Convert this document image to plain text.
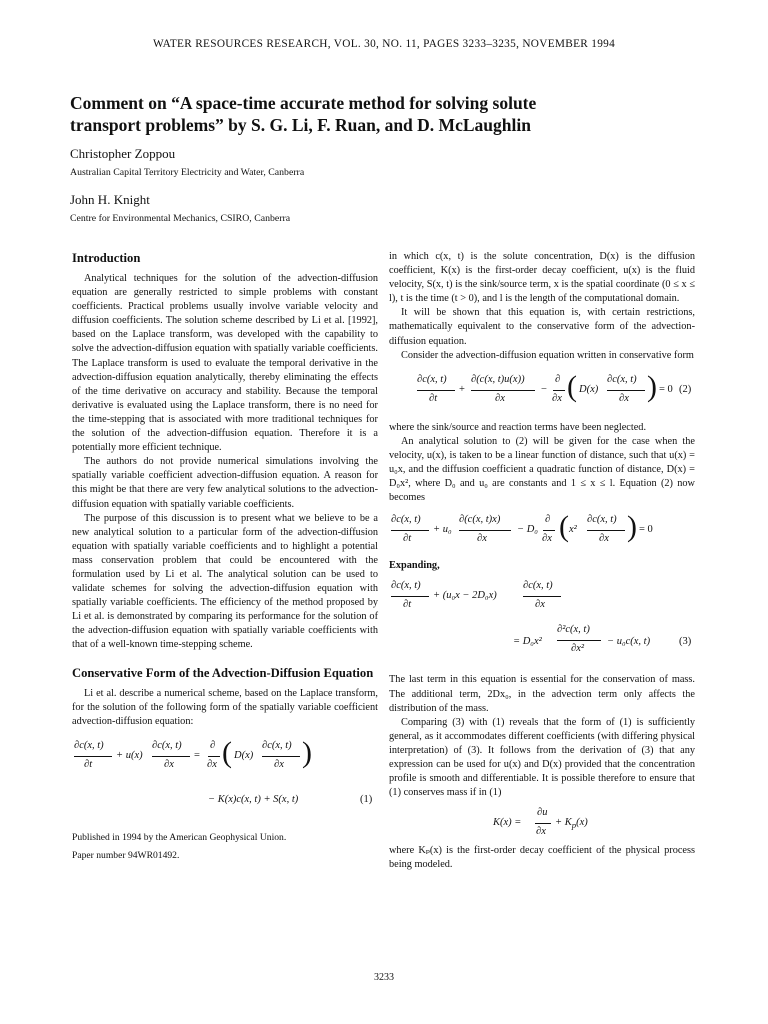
WATER RESOURCES RESEARCH, VOL. 30, NO. 11, PAGES 3233–3235, NOVEMBER 1994
Comment on “A space-time accurate method for solving solute
transport problems” by S. G. Li, F. Ruan, and D. McLaughlin
Christopher Zoppou
Australian Capital Territory Electricity and Water, Canberra
John H. Knight
Centre for Environmental Mechanics, CSIRO, Canberra
Introduction

Analytical techniques for the solution of the advection-diffusion equation are generally restricted to simple problems with constant coefficients. Practical problems usually involve variable velocity and diffusion coefficients. The solution scheme described by Li et al. [1992], based on the Laplace transform, was developed with the capability to solve the advection-diffusion equation with spatially variable coefficients. The Laplace transform is used to evaluate the temporal derivative in the advection-diffusion equation analytically, thereby eliminating the effects of the time derivative on accuracy and stability. Because the temporal derivative is evaluated using the Laplace transform, there is no need for the time-stepping that is associated with more traditional techniques for the solution of the advection-diffusion equation. Therefore it is a potentially more efficient technique.

The authors do not provide numerical simulations involving the spatially variable coefficient advection-diffusion equation. A reason for this might be that there are very few analytical solutions to the advection-diffusion equation with spatially variable coefficients.

The purpose of this discussion is to present what we believe to be a new analytical solution to a particular form of the advection-diffusion equation with spatially variable coefficients and to highlight a potential mass conservation problem that could be encountered with the formulation used by Li et al. The analytical solution can be used to validate schemes for solving the advection-diffusion equation with spatially variable coefficients. The efficiency of the method proposed by Li et al. is demonstrated by comparing its performance for the solution of the advection-diffusion equation with spatially variable coefficients with that of a well-known time-stepping scheme.

Conservative Form of the Advection-Diffusion Equation

Li et al. describe a numerical scheme, based on the Laplace transform, for the solution of the following form of the spatially variable coefficient advection-diffusion equation:

∂c(x, t)
∂t
+ u(x)
∂c(x, t)
∂x
=
∂
∂x ( D(x)
∂c(x, t)
∂x )
− K(x)c(x, t) + S(x, t)	(1)
Published in 1994 by the American Geophysical Union.
Paper number 94WR01492.

in which c(x, t) is the solute concentration, D(x) is the diffusion coefficient, K(x) is the first-order decay coefficient, u(x) is the fluid velocity, S(x, t) is the sink/source term, x is the spatial coordinate (0 ≤ x ≤ l), t is the time (t > 0), and l is the length of the computational domain.

It will be shown that this equation is, with certain restrictions, mathematically equivalent to the conservative form of the advection-diffusion equation.

Consider the advection-diffusion equation written in conservative form

∂c(x, t)
∂t
+
∂(c(x, t)u(x))
∂x
−
∂
∂x ( D(x)
∂c(x, t)
∂x ) = 0 (2)

where the sink/source and reaction terms have been neglected.

An analytical solution to (2) will be given for the case when the velocity, u(x), is taken to be a linear function of distance, such that u(x) = u₀x, and the diffusion coefficient a quadratic function of distance, D(x) = D₀x², where D₀ and u₀ are constants and 1 ≤ x ≤ l. Equation (2) now becomes

∂c(x, t)
∂t
+ u₀
∂(c(x, t)x)
∂x
− D₀
∂
∂x ( x²
∂c(x, t)
∂x ) = 0

Expanding,

∂c(x, t)
∂t
+ (u₀x − 2D₀x)
∂c(x, t)
∂x
= D₀x²
∂²c(x, t)
∂x²
− u₀c(x, t)	(3)

The last term in this equation is essential for the conservation of mass. The additional term, 2Dx₀, in the advection term only affects the distribution of the mass.

Comparing (3) with (1) reveals that the form of (1) is sufficiently general, as it accommodates different coefficients (with differing physical interpretation) of (3). It follows from the derivation of (3) that any expression can be used for u(x) and D(x) provided that the concentration profile is smooth and differentiable. It is possible therefore to ensure that (1) conserves mass if in (1)

K(x) =
∂u
∂x
+ $K_p(x)$

where Kₚ(x) is the first-order decay coefficient of the physical process being modeled.

3233
